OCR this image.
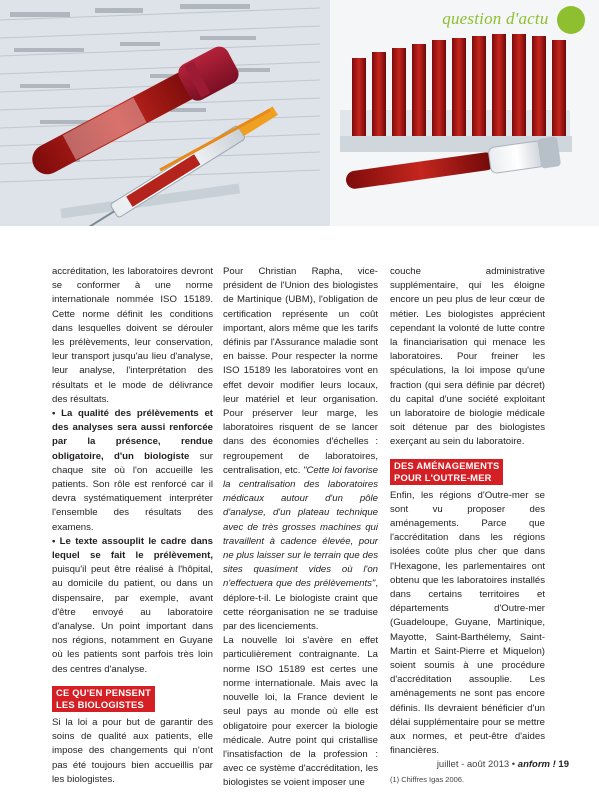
question d'actu

accréditation, les laboratoires devront se conformer à une norme internationale nommée ISO 15189. Cette norme définit les conditions dans lesquelles doivent se dérouler les prélèvements, leur conservation, leur transport jusqu'au lieu d'analyse, leur analyse, l'interprétation des résultats et le mode de délivrance des résultats.

• La qualité des prélèvements et des analyses sera aussi renforcée par la présence, rendue obligatoire, d'un biologiste sur chaque site où l'on accueille les patients. Son rôle est renforcé car il devra systématiquement interpréter l'ensemble des résultats des examens.

• Le texte assouplit le cadre dans lequel se fait le prélèvement, puisqu'il peut être réalisé à l'hôpital, au domicile du patient, ou dans un dispensaire, par exemple, avant d'être envoyé au laboratoire d'analyse. Un point important dans nos régions, notamment en Guyane où les patients sont parfois très loin des centres d'analyse.

CE QU'EN PENSENT
LES BIOLOGISTES

Si la loi a pour but de garantir des soins de qualité aux patients, elle impose des changements qui n'ont pas été toujours bien accueillis par les biologistes.

Pour Christian Rapha, vice-président de l'Union des biologistes de Martinique (UBM), l'obligation de certification représente un coût important, alors même que les tarifs définis par l'Assurance maladie sont en baisse. Pour respecter la norme ISO 15189 les laboratoires vont en effet devoir modifier leurs locaux, leur matériel et leur organisation. Pour préserver leur marge, les laboratoires risquent de se lancer dans des économies d'échelles : regroupement de laboratoires, centralisation, etc. "Cette loi favorise la centralisation des laboratoires médicaux autour d'un pôle d'analyse, d'un plateau technique avec de très grosses machines qui travaillent à cadence élevée, pour ne plus laisser sur le terrain que des sites quasiment vides où l'on n'effectuera que des prélèvements", déplore-t-il. Le biologiste craint que cette réorganisation ne se traduise par des licenciements.

La nouvelle loi s'avère en effet particulièrement contraignante. La norme ISO 15189 est certes une norme internationale. Mais avec la nouvelle loi, la France devient le seul pays au monde où elle est obligatoire pour exercer la biologie médicale. Autre point qui cristallise l'insatisfaction de la profession : avec ce système d'accréditation, les biologistes se voient imposer une

couche administrative supplémentaire, qui les éloigne encore un peu plus de leur cœur de métier. Les biologistes apprécient cependant la volonté de lutte contre la financiarisation qui menace les laboratoires. Pour freiner les spéculations, la loi impose qu'une fraction (qui sera définie par décret) du capital d'une société exploitant un laboratoire de biologie médicale soit détenue par des biologistes exerçant au sein du laboratoire.

DES AMÉNAGEMENTS
POUR L'OUTRE-MER

Enfin, les régions d'Outre-mer se sont vu proposer des aménagements. Parce que l'accréditation dans les régions isolées coûte plus cher que dans l'Hexagone, les parlementaires ont obtenu que les laboratoires installés dans certains territoires et départements d'Outre-mer (Guadeloupe, Guyane, Martinique, Mayotte, Saint-Barthélemy, Saint-Martin et Saint-Pierre et Miquelon) soient soumis à une procédure d'accréditation assouplie. Les aménagements ne sont pas encore définis. Ils devraient bénéficier d'un délai supplémentaire pour se mettre aux normes, et peut-être d'aides financières.

(1) Chiffres Igas 2006.

juillet - août 2013 • anform ! 19
